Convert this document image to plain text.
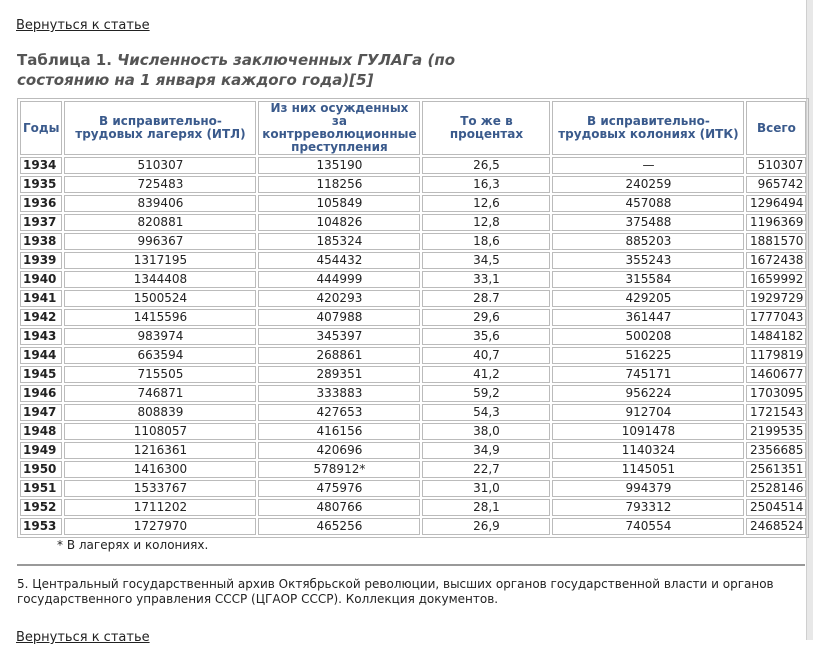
Вернуться к статье
Таблица 1. Численность заключенных ГУЛАГа (по состоянию на 1 января каждого года)[5]
Годы	В исправительно-трудовых лагерях (ИТЛ)	Из них осужденных за контрреволюционные преступления	То же в процентах	В исправительно-трудовых колониях (ИТК)	Всего
1934	510307	135190	26,5	—	510307
1935	725483	118256	16,3	240259	965742
1936	839406	105849	12,6	457088	1296494
1937	820881	104826	12,8	375488	1196369
1938	996367	185324	18,6	885203	1881570
1939	1317195	454432	34,5	355243	1672438
1940	1344408	444999	33,1	315584	1659992
1941	1500524	420293	28.7	429205	1929729
1942	1415596	407988	29,6	361447	1777043
1943	983974	345397	35,6	500208	1484182
1944	663594	268861	40,7	516225	1179819
1945	715505	289351	41,2	745171	1460677
1946	746871	333883	59,2	956224	1703095
1947	808839	427653	54,3	912704	1721543
1948	1108057	416156	38,0	1091478	2199535
1949	1216361	420696	34,9	1140324	2356685
1950	1416300	578912*	22,7	1145051	2561351
1951	1533767	475976	31,0	994379	2528146
1952	1711202	480766	28,1	793312	2504514
1953	1727970	465256	26,9	740554	2468524
* В лагерях и колониях.
5. Центральный государственный архив Октябрьской революции, высших органов государственной власти и органов государственного управления СССР (ЦГАОР СССР). Коллекция документов.
Вернуться к статье
